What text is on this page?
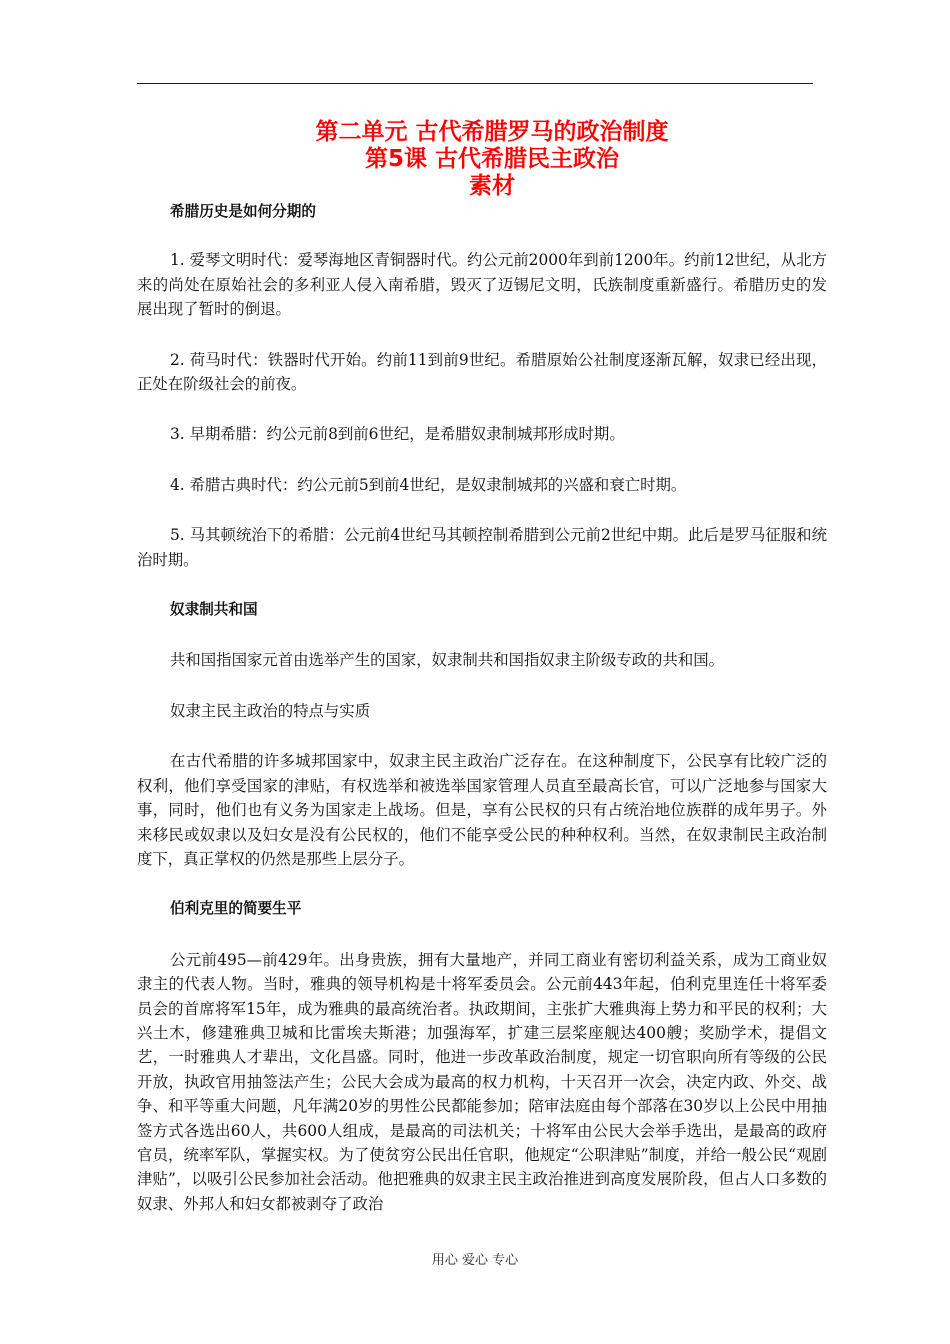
第二单元 古代希腊罗马的政治制度
第5课 古代希腊民主政治
素材

希腊历史是如何分期的

1. 爱琴文明时代：爱琴海地区青铜器时代。约公元前2000年到前1200年。约前12世纪，从北方来的尚处在原始社会的多利亚人侵入南希腊，毁灭了迈锡尼文明，氏族制度重新盛行。希腊历史的发展出现了暂时的倒退。

2. 荷马时代：铁器时代开始。约前11到前9世纪。希腊原始公社制度逐渐瓦解，奴隶已经出现，正处在阶级社会的前夜。

3. 早期希腊：约公元前8到前6世纪，是希腊奴隶制城邦形成时期。

4. 希腊古典时代：约公元前5到前4世纪，是奴隶制城邦的兴盛和衰亡时期。

5. 马其顿统治下的希腊：公元前4世纪马其顿控制希腊到公元前2世纪中期。此后是罗马征服和统治时期。

奴隶制共和国

共和国指国家元首由选举产生的国家，奴隶制共和国指奴隶主阶级专政的共和国。

奴隶主民主政治的特点与实质

在古代希腊的许多城邦国家中，奴隶主民主政治广泛存在。在这种制度下，公民享有比较广泛的权利，他们享受国家的津贴，有权选举和被选举国家管理人员直至最高长官，可以广泛地参与国家大事，同时，他们也有义务为国家走上战场。但是，享有公民权的只有占统治地位族群的成年男子。外来移民或奴隶以及妇女是没有公民权的，他们不能享受公民的种种权利。当然，在奴隶制民主政治制度下，真正掌权的仍然是那些上层分子。

伯利克里的简要生平

公元前495—前429年。出身贵族，拥有大量地产，并同工商业有密切利益关系，成为工商业奴隶主的代表人物。当时，雅典的领导机构是十将军委员会。公元前443年起，伯利克里连任十将军委员会的首席将军15年，成为雅典的最高统治者。执政期间，主张扩大雅典海上势力和平民的权利；大兴土木，修建雅典卫城和比雷埃夫斯港；加强海军，扩建三层桨座舰达400艘；奖励学术，提倡文艺，一时雅典人才辈出，文化昌盛。同时，他进一步改革政治制度，规定一切官职向所有等级的公民开放，执政官用抽签法产生；公民大会成为最高的权力机构，十天召开一次会，决定内政、外交、战争、和平等重大问题，凡年满20岁的男性公民都能参加；陪审法庭由每个部落在30岁以上公民中用抽签方式各选出60人，共600人组成，是最高的司法机关；十将军由公民大会举手选出，是最高的政府官员，统率军队，掌握实权。为了使贫穷公民出任官职，他规定“公职津贴”制度，并给一般公民“观剧津贴”，以吸引公民参加社会活动。他把雅典的奴隶主民主政治推进到高度发展阶段，但占人口多数的奴隶、外邦人和妇女都被剥夺了政治

用心 爱心 专心
